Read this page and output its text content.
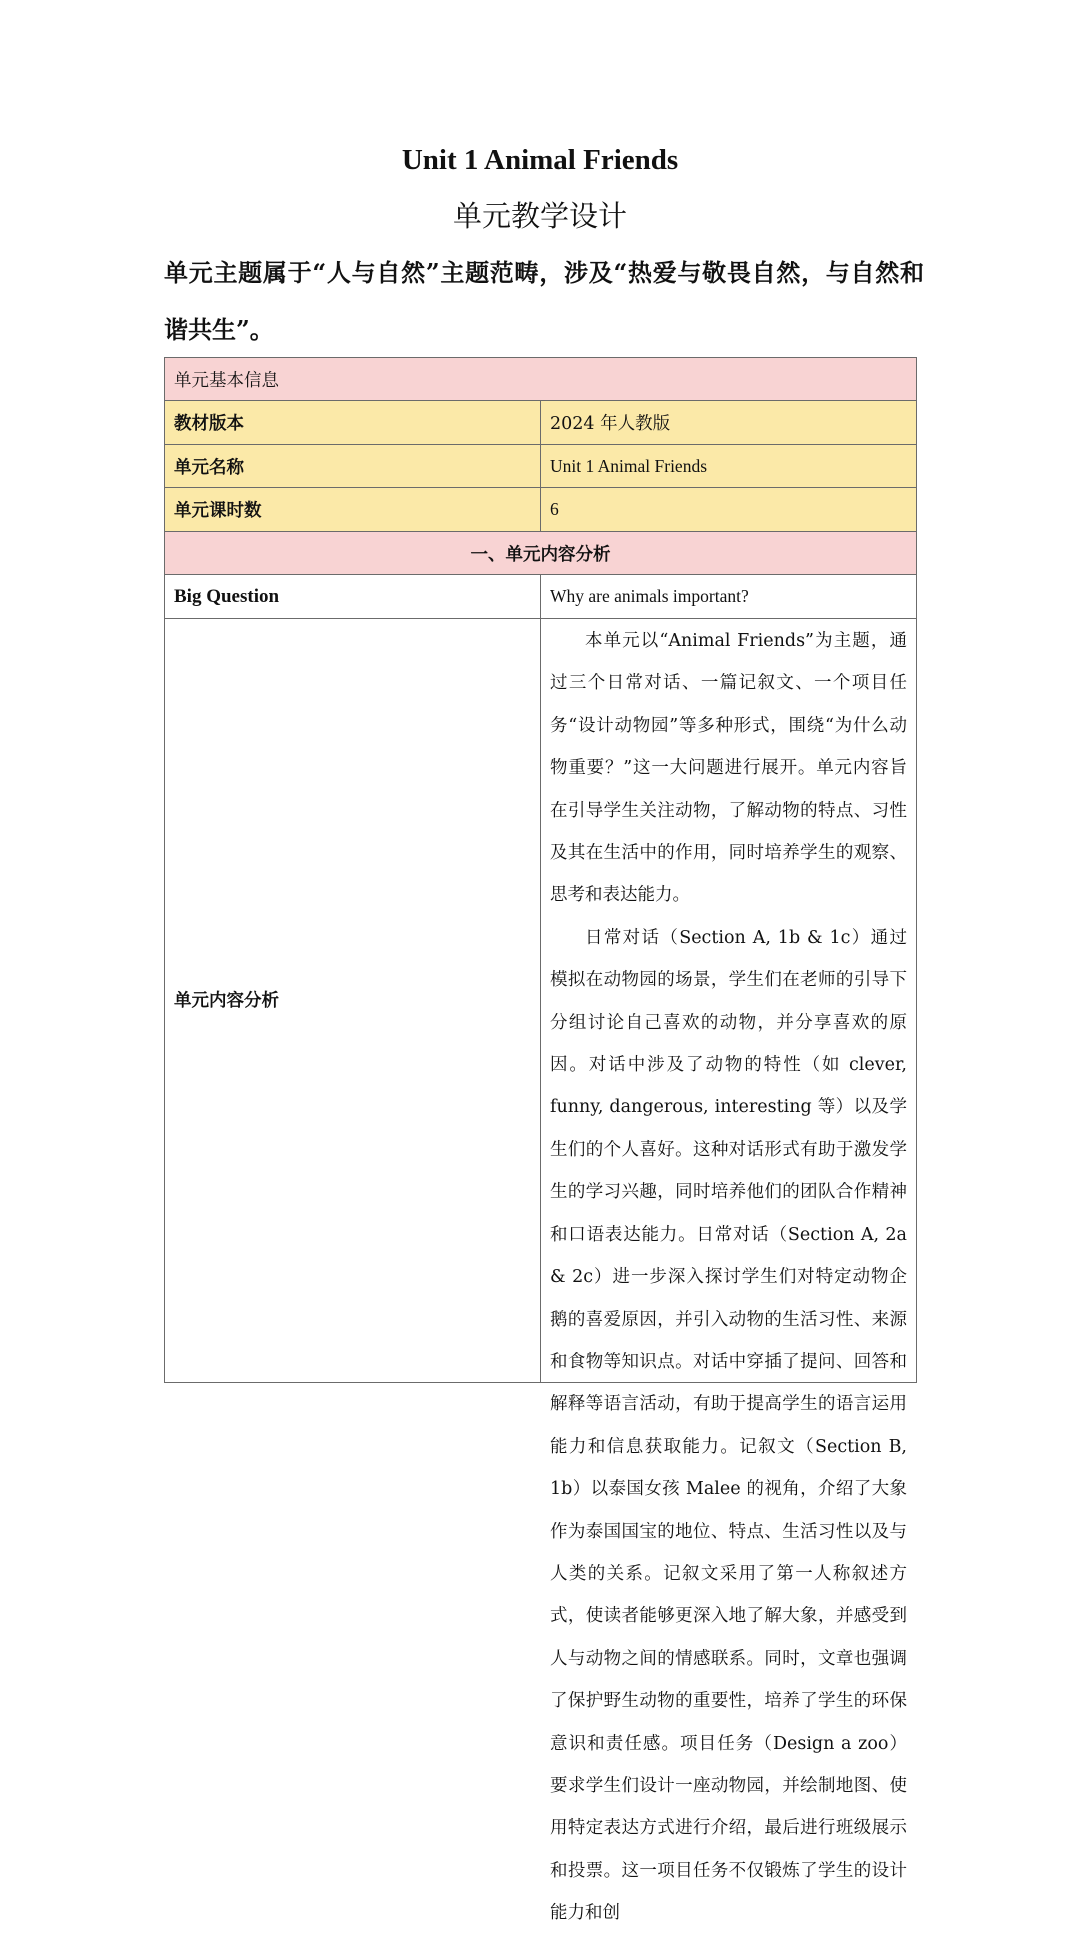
Unit 1 Animal Friends
单元教学设计
单元主题属于“人与自然”主题范畴，涉及“热爱与敬畏自然，与自然和谐共生”。
单元基本信息	
教材版本	2024 年人教版
单元名称	Unit 1 Animal Friends
单元课时数	6
一、单元内容分析	
Big Question	Why are animals important?
单元内容分析	本单元以“Animal Friends”为主题，通过三个日常对话、一篇记叙文、一个项目任务“设计动物园”等多种形式，围绕“为什么动物重要？”这一大问题进行展开。单元内容旨在引导学生关注动物，了解动物的特点、习性及其在生活中的作用，同时培养学生的观察、思考和表达能力。

日常对话（Section A, 1b & 1c）通过模拟在动物园的场景，学生们在老师的引导下分组讨论自己喜欢的动物，并分享喜欢的原因。对话中涉及了动物的特性（如 clever, funny, dangerous, interesting 等）以及学生们的个人喜好。这种对话形式有助于激发学生的学习兴趣，同时培养他们的团队合作精神和口语表达能力。日常对话（Section A, 2a & 2c）进一步深入探讨学生们对特定动物企鹅的喜爱原因，并引入动物的生活习性、来源和食物等知识点。对话中穿插了提问、回答和解释等语言活动，有助于提高学生的语言运用能力和信息获取能力。记叙文（Section B, 1b）以泰国女孩 Malee 的视角，介绍了大象作为泰国国宝的地位、特点、生活习性以及与人类的关系。记叙文采用了第一人称叙述方式，使读者能够更深入地了解大象，并感受到人与动物之间的情感联系。同时，文章也强调了保护野生动物的重要性，培养了学生的环保意识和责任感。项目任务（Design a zoo）要求学生们设计一座动物园，并绘制地图、使用特定表达方式进行介绍，最后进行班级展示和投票。这一项目任务不仅锻炼了学生的设计能力和创
